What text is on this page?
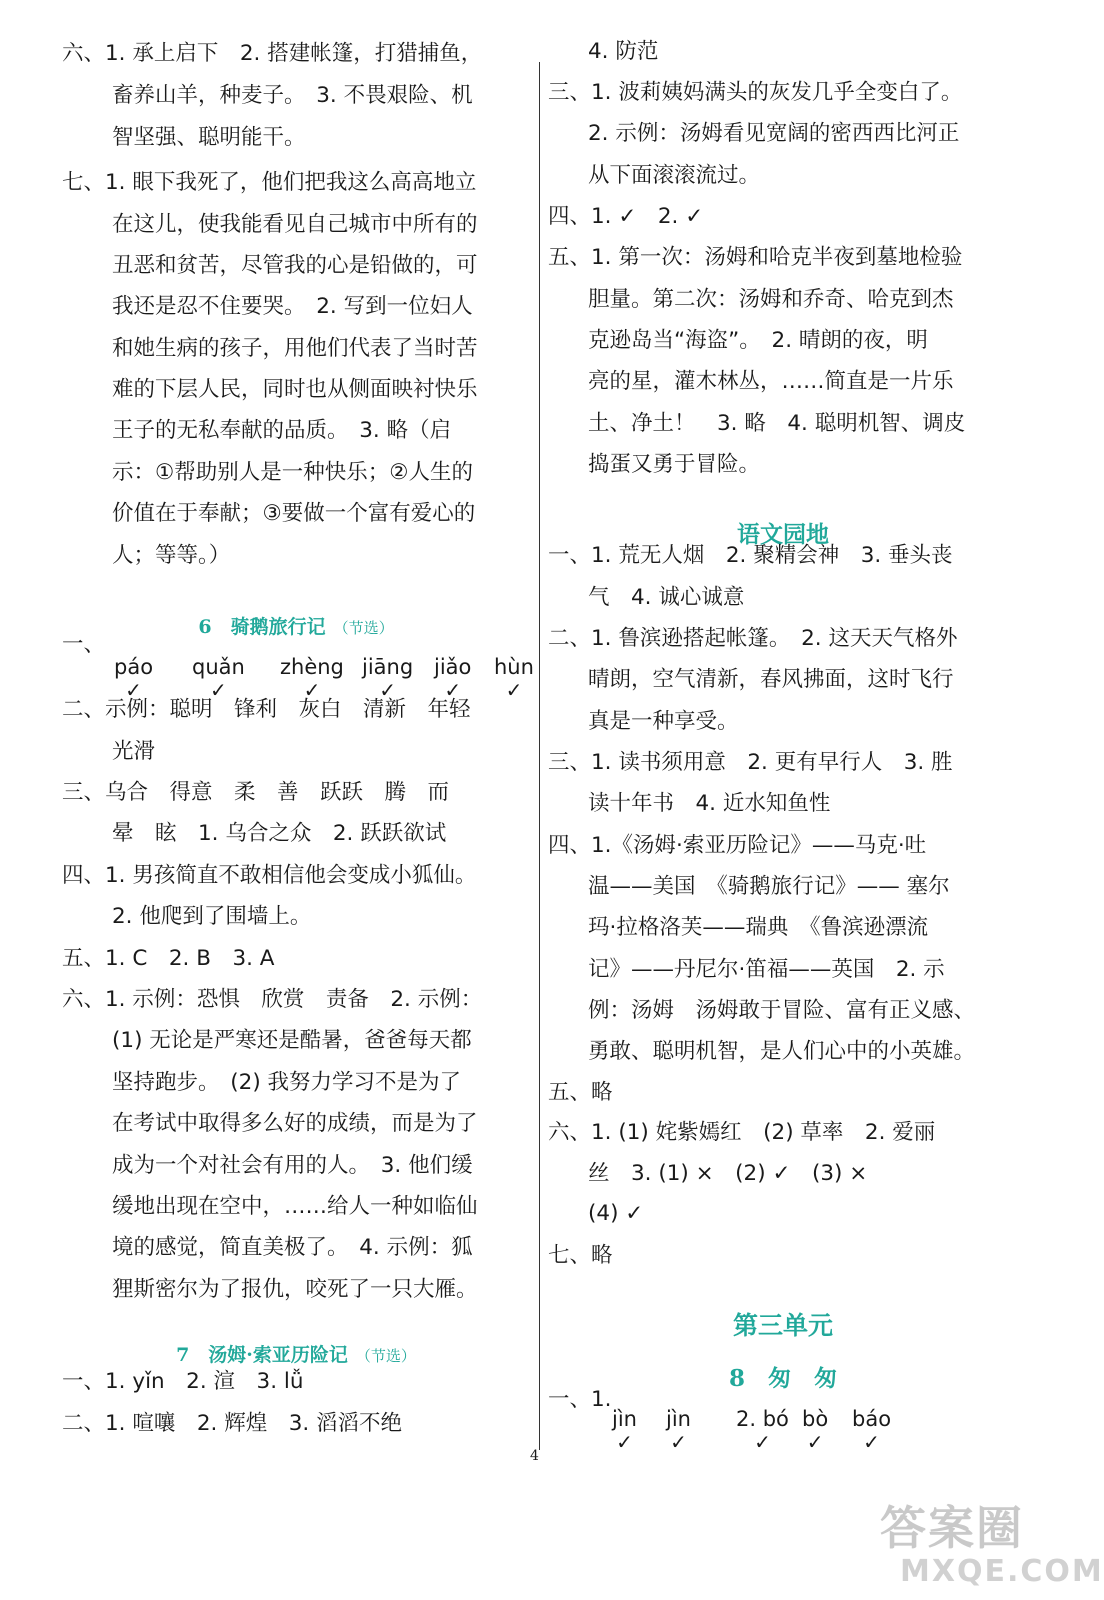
6　骑鹅旅行记 （节选）
páo
✓
quǎn
✓
zhèng
✓
jiāng
✓
jiǎo
✓
hùn
✓
7　汤姆·索亚历险记 （节选）
六、1. 承上启下　2. 搭建帐篷，打猎捕鱼，
畜养山羊，种麦子。　3. 不畏艰险、机
智坚强、聪明能干。
七、1. 眼下我死了，他们把我这么高高地立
在这儿，使我能看见自己城市中所有的
丑恶和贫苦，尽管我的心是铅做的，可
我还是忍不住要哭。　2. 写到一位妇人
和她生病的孩子，用他们代表了当时苦
难的下层人民，同时也从侧面映衬快乐
王子的无私奉献的品质。　3. 略（启
示：①帮助别人是一种快乐；②人生的
价值在于奉献；③要做一个富有爱心的
人；等等。）
一、
二、示例：聪明　锋利　灰白　清新　年轻
光滑
三、乌合　得意　柔　善　跃跃　腾　而
晕　眩　1. 乌合之众　2. 跃跃欲试
四、1. 男孩简直不敢相信他会变成小狐仙。
2. 他爬到了围墙上。
五、1. C　2. B　3. A
六、1. 示例：恐惧　欣赏　责备　2. 示例：
(1) 无论是严寒还是酷暑，爸爸每天都
坚持跑步。　(2) 我努力学习不是为了
在考试中取得多么好的成绩，而是为了
成为一个对社会有用的人。　3. 他们缓
缓地出现在空中，……给人一种如临仙
境的感觉，简直美极了。　4. 示例：狐
狸斯密尔为了报仇，咬死了一只大雁。
一、1. yǐn　2. 渲　3. lǚ
二、1. 喧嚷　2. 辉煌　3. 滔滔不绝
语文园地
第三单元
8　匆　匆
jìn
✓
jìn
✓
2. bó
✓
bò
✓
báo
✓
4. 防范
三、1. 波莉姨妈满头的灰发几乎全变白了。
2. 示例：汤姆看见宽阔的密西西比河正
从下面滚滚流过。
四、1. ✓　2. ✓
五、1. 第一次：汤姆和哈克半夜到墓地检验
胆量。第二次：汤姆和乔奇、哈克到杰
克逊岛当“海盗”。　2. 晴朗的夜，明
亮的星，灌木林丛，……简直是一片乐
土、净土！　3. 略　4. 聪明机智、调皮
捣蛋又勇于冒险。
一、1. 荒无人烟　2. 聚精会神　3. 垂头丧
气　4. 诚心诚意
二、1. 鲁滨逊搭起帐篷。　2. 这天天气格外
晴朗，空气清新，春风拂面，这时飞行
真是一种享受。
三、1. 读书须用意　2. 更有早行人　3. 胜
读十年书　4. 近水知鱼性
四、1.《汤姆·索亚历险记》——马克·吐
温——美国　《骑鹅旅行记》—— 塞尔
玛·拉格洛芙——瑞典　《鲁滨逊漂流
记》——丹尼尔·笛福——英国　2. 示
例：汤姆　汤姆敢于冒险、富有正义感、
勇敢、聪明机智，是人们心中的小英雄。
五、略
六、1. (1) 姹紫嫣红　(2) 草率　2. 爱丽
丝　3. (1) ×　(2) ✓　(3) ×
(4) ✓
七、略
一、1.
4
答案圈
MXQE.COM
